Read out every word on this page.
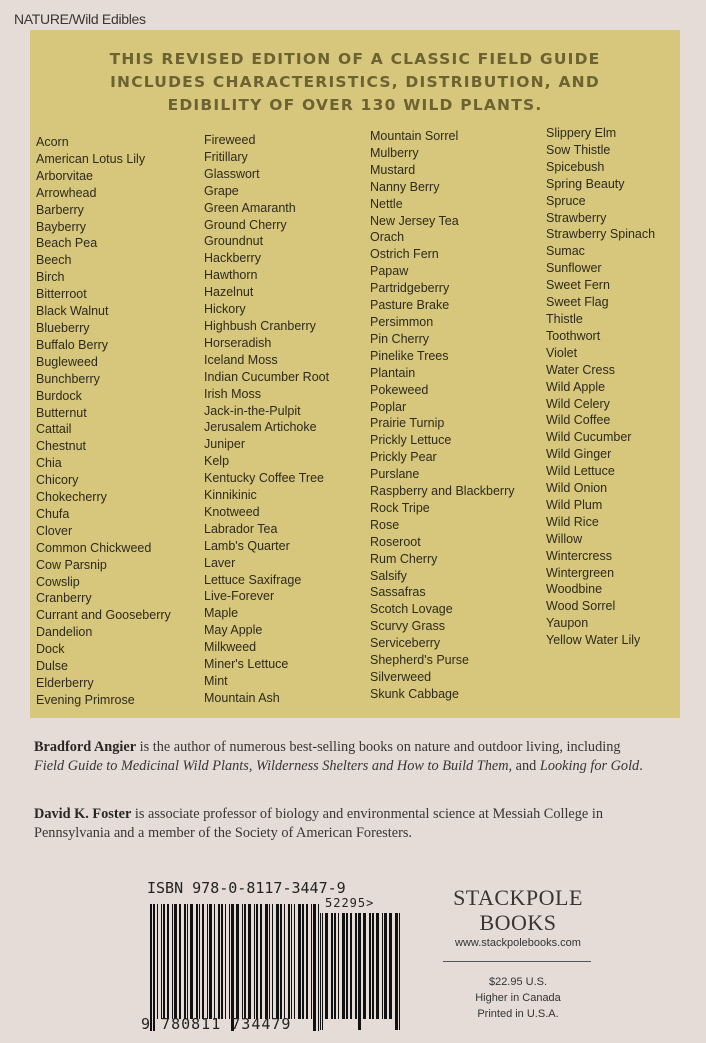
NATURE/Wild Edibles
THIS REVISED EDITION OF A CLASSIC FIELD GUIDE
INCLUDES CHARACTERISTICS, DISTRIBUTION, AND
EDIBILITY OF OVER 130 WILD PLANTS.
Acorn
American Lotus Lily
Arborvitae
Arrowhead
Barberry
Bayberry
Beach Pea
Beech
Birch
Bitterroot
Black Walnut
Blueberry
Buffalo Berry
Bugleweed
Bunchberry
Burdock
Butternut
Cattail
Chestnut
Chia
Chicory
Chokecherry
Chufa
Clover
Common Chickweed
Cow Parsnip
Cowslip
Cranberry
Currant and Gooseberry
Dandelion
Dock
Dulse
Elderberry
Evening Primrose
Fireweed
Fritillary
Glasswort
Grape
Green Amaranth
Ground Cherry
Groundnut
Hackberry
Hawthorn
Hazelnut
Hickory
Highbush Cranberry
Horseradish
Iceland Moss
Indian Cucumber Root
Irish Moss
Jack-in-the-Pulpit
Jerusalem Artichoke
Juniper
Kelp
Kentucky Coffee Tree
Kinnikinic
Knotweed
Labrador Tea
Lamb's Quarter
Laver
Lettuce Saxifrage
Live-Forever
Maple
May Apple
Milkweed
Miner's Lettuce
Mint
Mountain Ash
Mountain Sorrel
Mulberry
Mustard
Nanny Berry
Nettle
New Jersey Tea
Orach
Ostrich Fern
Papaw
Partridgeberry
Pasture Brake
Persimmon
Pin Cherry
Pinelike Trees
Plantain
Pokeweed
Poplar
Prairie Turnip
Prickly Lettuce
Prickly Pear
Purslane
Raspberry and Blackberry
Rock Tripe
Rose
Roseroot
Rum Cherry
Salsify
Sassafras
Scotch Lovage
Scurvy Grass
Serviceberry
Shepherd's Purse
Silverweed
Skunk Cabbage
Slippery Elm
Sow Thistle
Spicebush
Spring Beauty
Spruce
Strawberry
Strawberry Spinach
Sumac
Sunflower
Sweet Fern
Sweet Flag
Thistle
Toothwort
Violet
Water Cress
Wild Apple
Wild Celery
Wild Coffee
Wild Cucumber
Wild Ginger
Wild Lettuce
Wild Onion
Wild Plum
Wild Rice
Willow
Wintercress
Wintergreen
Woodbine
Wood Sorrel
Yaupon
Yellow Water Lily
Bradford Angier is the author of numerous best-selling books on nature and outdoor living, including Field Guide to Medicinal Wild Plants, Wilderness Shelters and How to Build Them, and Looking for Gold.
David K. Foster is associate professor of biology and environmental science at Messiah College in Pennsylvania and a member of the Society of American Foresters.
ISBN 978-0-8117-3447-9
52295>
9 780811 734479
STACKPOLE
BOOKS
www.stackpolebooks.com
$22.95 U.S.
Higher in Canada
Printed in U.S.A.
